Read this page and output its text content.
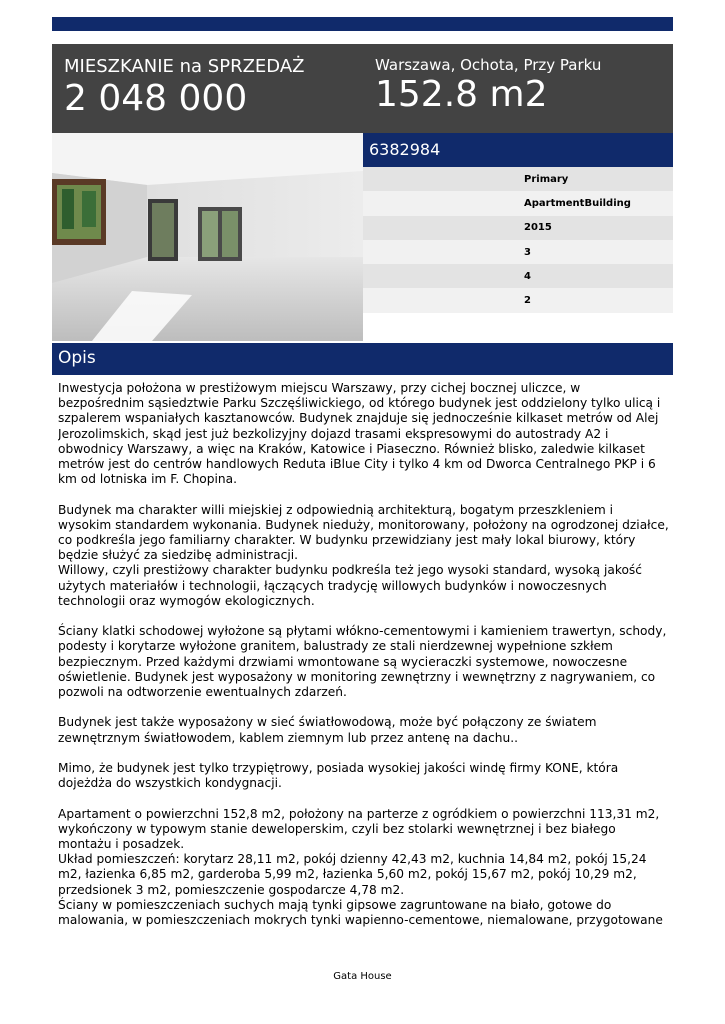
MIESZKANIE na SPRZEDAŻ
2 048 000
Warszawa, Ochota, Przy Parku
152.8 m2
6382984
Primary
ApartmentBuilding
2015
3
4
2
Opis

Inwestycja położona w prestiżowym miejscu Warszawy, przy cichej bocznej uliczce, w bezpośrednim sąsiedztwie Parku Szczęśliwickiego, od którego budynek jest oddzielony tylko ulicą i szpalerem wspaniałych kasztanowców. Budynek znajduje się jednocześnie kilkaset metrów od Alej Jerozolimskich, skąd jest już bezkolizyjny dojazd trasami ekspresowymi do autostrady A2 i obwodnicy Warszawy, a więc na Kraków, Katowice i Piaseczno. Również blisko, zaledwie kilkaset metrów jest do centrów handlowych Reduta iBlue City i tylko 4 km od Dworca Centralnego PKP i 6 km od lotniska im F. Chopina.

Budynek ma charakter willi miejskiej z odpowiednią architekturą, bogatym przeszkleniem i wysokim standardem wykonania. Budynek nieduży, monitorowany, położony na ogrodzonej działce, co podkreśla jego familiarny charakter. W budynku przewidziany jest mały lokal biurowy, który będzie służyć za siedzibę administracji.
Willowy, czyli prestiżowy charakter budynku podkreśla też jego wysoki standard, wysoką jakość użytych materiałów i technologii, łączących tradycję willowych budynków i nowoczesnych technologii oraz wymogów ekologicznych.

Ściany klatki schodowej wyłożone są płytami włókno-cementowymi i kamieniem trawertyn, schody, podesty i korytarze wyłożone granitem, balustrady ze stali nierdzewnej wypełnione szkłem bezpiecznym. Przed każdymi drzwiami wmontowane są wycieraczki systemowe, nowoczesne oświetlenie. Budynek jest wyposażony w monitoring zewnętrzny i wewnętrzny z nagrywaniem, co pozwoli na odtworzenie ewentualnych zdarzeń.

Budynek jest także wyposażony w sieć światłowodową, może być połączony ze światem zewnętrznym światłowodem, kablem ziemnym lub przez antenę na dachu..

Mimo, że budynek jest tylko trzypiętrowy, posiada wysokiej jakości windę firmy KONE, która dojeżdża do wszystkich kondygnacji.

Apartament o powierzchni 152,8 m2, położony na parterze z ogródkiem o powierzchni 113,31 m2, wykończony w typowym stanie deweloperskim, czyli bez stolarki wewnętrznej i bez białego montażu i posadzek.
Układ pomieszczeń: korytarz 28,11 m2, pokój dzienny 42,43 m2, kuchnia 14,84 m2, pokój 15,24 m2, łazienka 6,85 m2, garderoba 5,99 m2, łazienka 5,60 m2, pokój 15,67 m2, pokój 10,29 m2, przedsionek 3 m2, pomieszczenie gospodarcze 4,78 m2.
Ściany w pomieszczeniach suchych mają tynki gipsowe zagruntowane na biało, gotowe do malowania, w pomieszczeniach mokrych tynki wapienno-cementowe, niemalowane, przygotowane

Gata House
